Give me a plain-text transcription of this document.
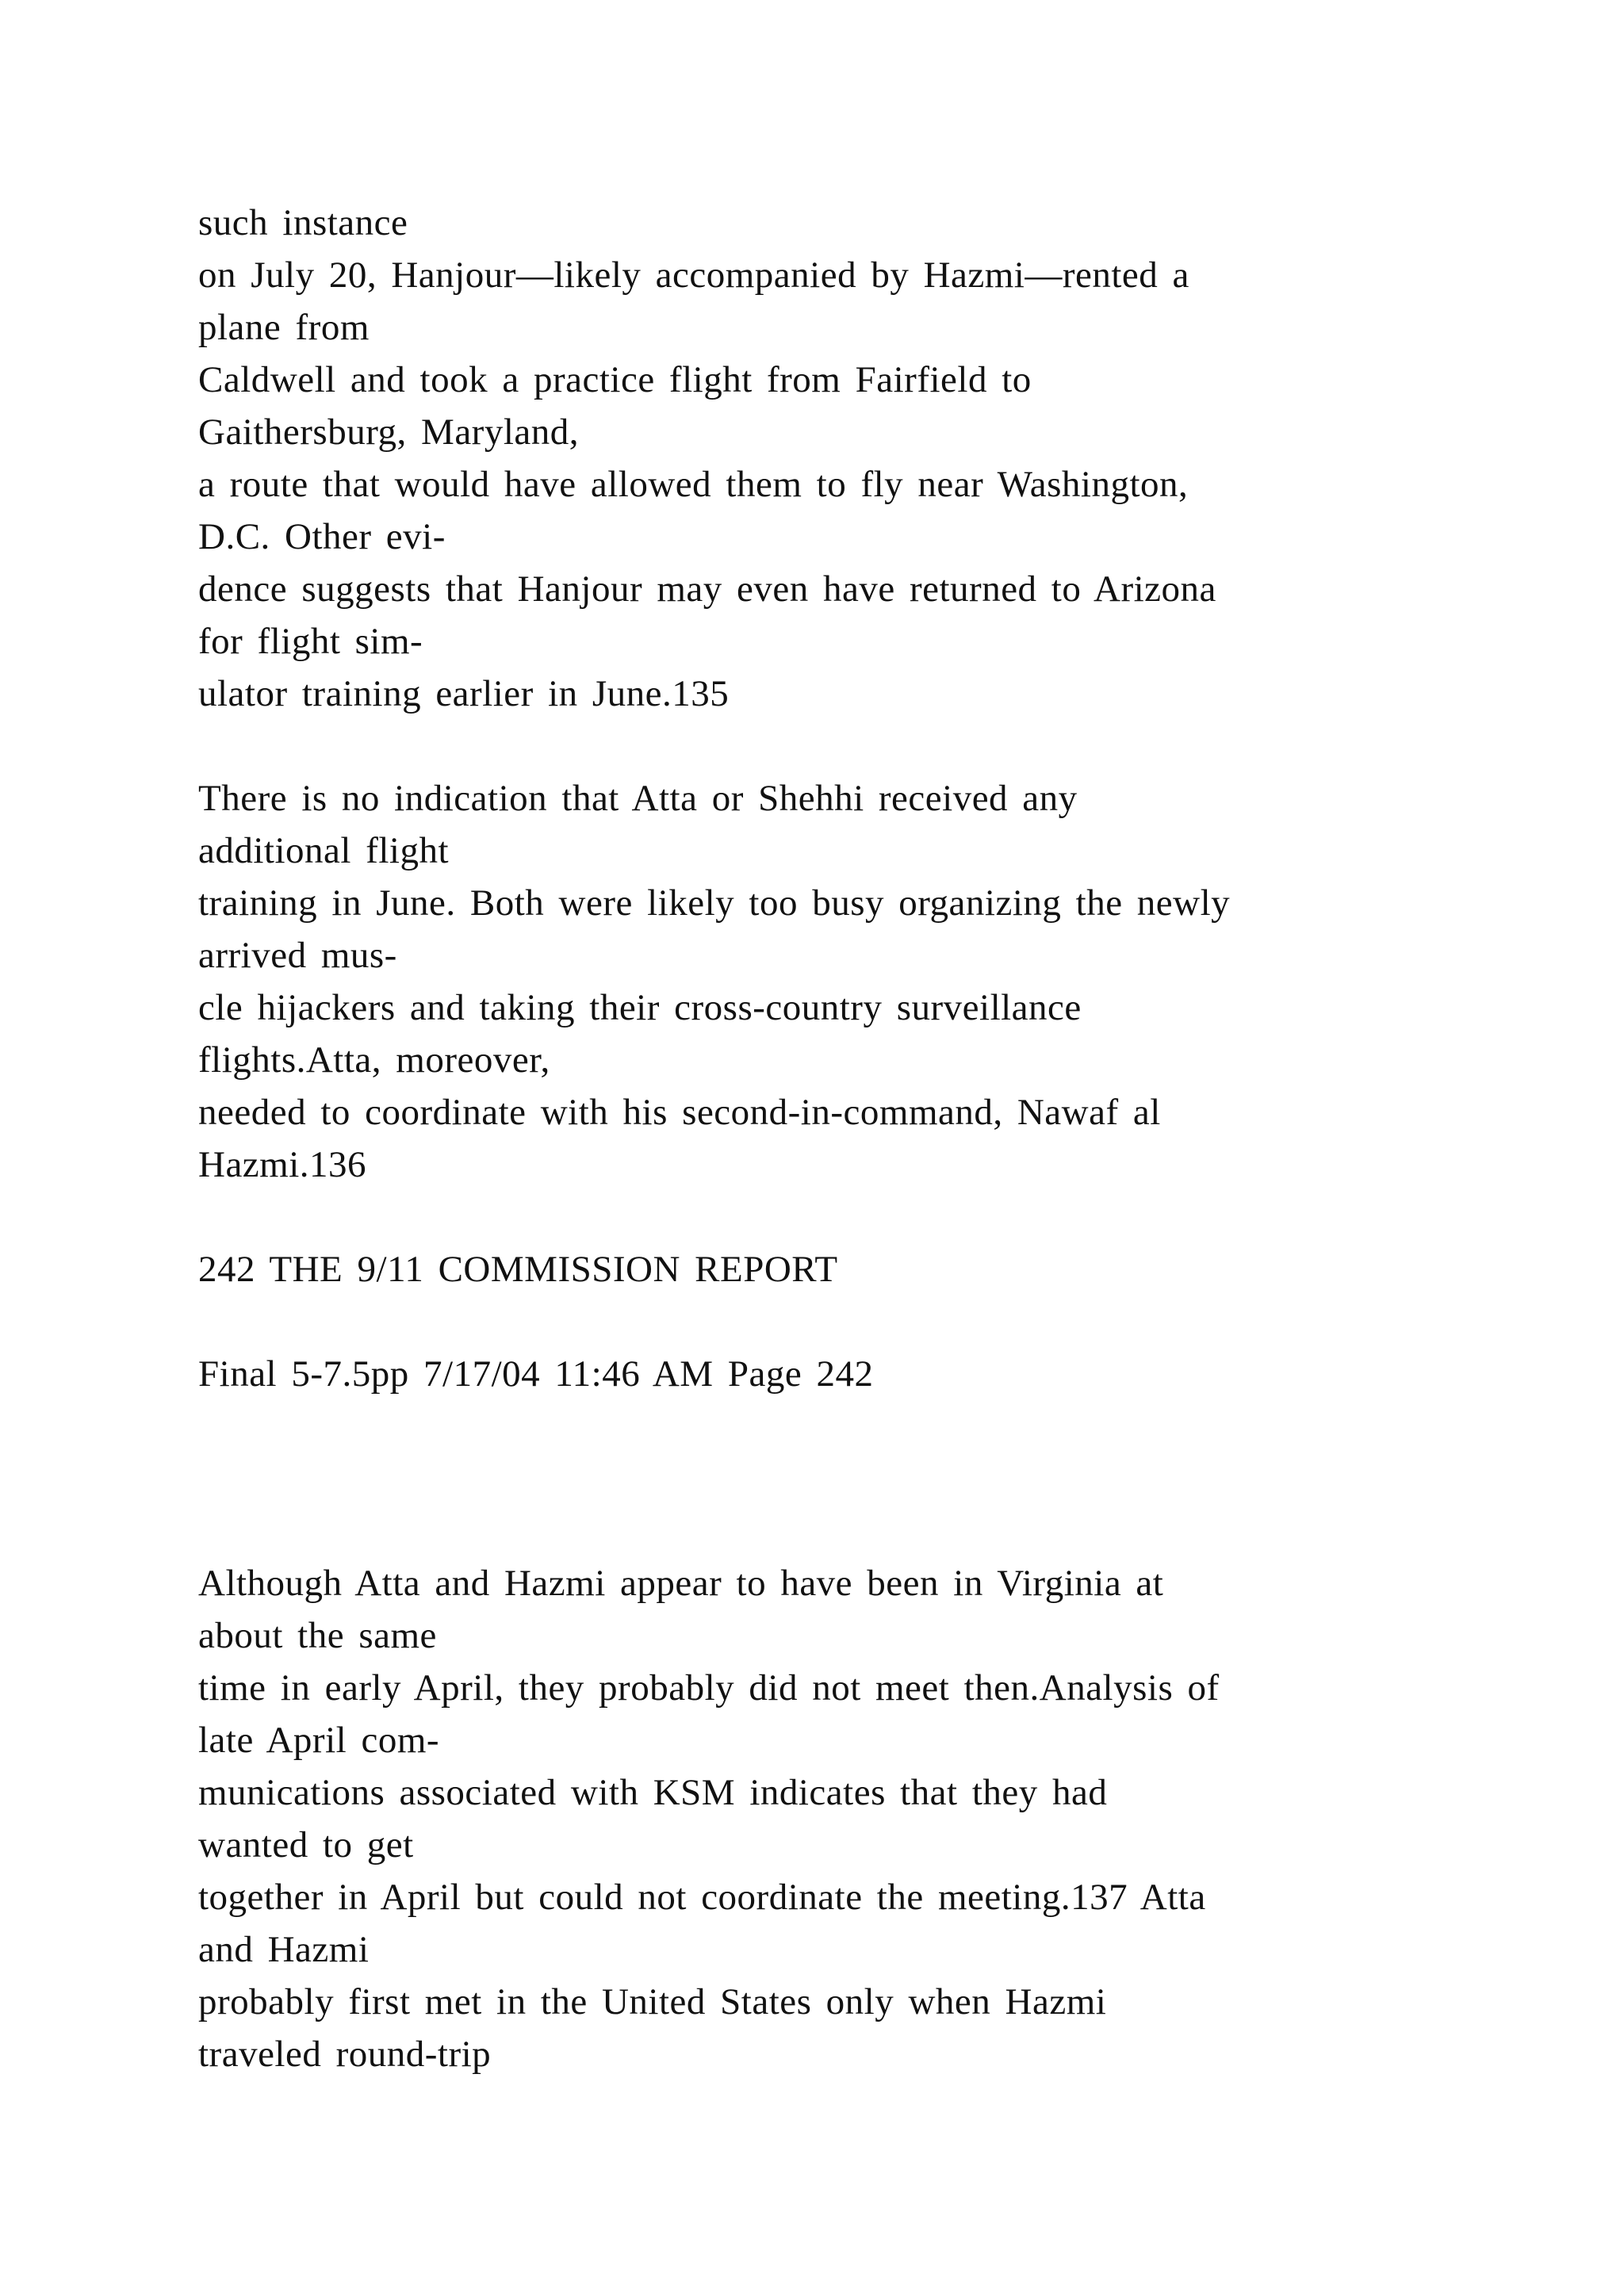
such instance
on July 20, Hanjour—likely accompanied by Hazmi—rented a
plane from
Caldwell and took a practice flight from Fairfield to
Gaithersburg, Maryland,
a route that would have allowed them to fly near Washington,
D.C. Other evi-
dence suggests that Hanjour may even have returned to Arizona
for flight sim-
ulator training earlier in June.135
There is no indication that Atta or Shehhi received any
additional flight
training in June. Both were likely too busy organizing the newly
arrived mus-
cle hijackers and taking their cross-country surveillance
flights.Atta, moreover,
needed to coordinate with his second-in-command, Nawaf al
Hazmi.136
242 THE 9/11 COMMISSION REPORT
Final 5-7.5pp 7/17/04 11:46 AM Page 242
Although Atta and Hazmi appear to have been in Virginia at
about the same
time in early April, they probably did not meet then.Analysis of
late April com-
munications associated with KSM indicates that they had
wanted to get
together in April but could not coordinate the meeting.137 Atta
and Hazmi
probably first met in the United States only when Hazmi
traveled round-trip
